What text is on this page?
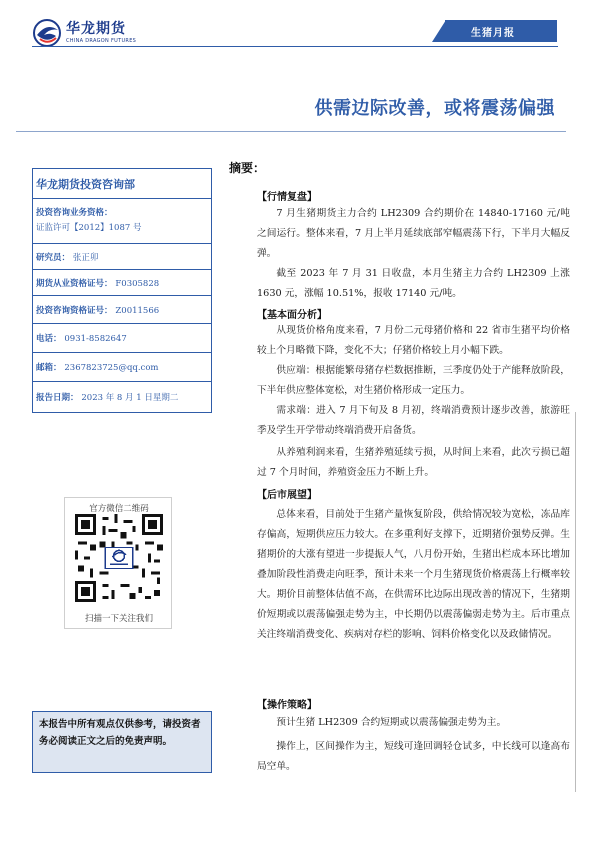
华龙期货
CHINA DRAGON FUTURES
生猪月报
供需边际改善，或将震荡偏强
华龙期货投资咨询部
投资咨询业务资格：
证监许可【2012】1087 号
研究员： 张正卯
期货从业资格证号： F0305828
投资咨询资格证号： Z0011566
电话： 0931-8582647
邮箱： 2367823725@qq.com
报告日期： 2023 年 8 月 1 日星期二
官方微信二维码
扫描一下关注我们
本报告中所有观点仅供参考，请投资者务必阅读正文之后的免责声明。
摘要：
【行情复盘】
7 月生猪期货主力合约 LH2309 合约期价在 14840-17160 元/吨之间运行。整体来看，7 月上半月延续底部窄幅震荡下行，下半月大幅反弹。
截至 2023 年 7 月 31 日收盘，本月生猪主力合约 LH2309 上涨 1630 元，涨幅 10.51%，报收 17140 元/吨。
【基本面分析】
从现货价格角度来看，7 月份二元母猪价格和 22 省市生猪平均价格较上个月略微下降，变化不大；仔猪价格较上月小幅下跌。
供应端：根据能繁母猪存栏数据推断，三季度仍处于产能释放阶段，下半年供应整体宽松，对生猪价格形成一定压力。
需求端：进入 7 月下旬及 8 月初，终端消费预计逐步改善，旅游旺季及学生开学带动终端消费开启备货。
从养殖利润来看，生猪养殖延续亏损，从时间上来看，此次亏损已超过 7 个月时间，养殖资金压力不断上升。
【后市展望】
总体来看，目前处于生猪产量恢复阶段，供给情况较为宽松，冻品库存偏高，短期供应压力较大。在多重利好支撑下，近期猪价强势反弹。生猪期价的大涨有望进一步提振人气，八月份开始，生猪出栏成本环比增加叠加阶段性消费走向旺季，预计未来一个月生猪现货价格震荡上行概率较大。期价目前整体估值不高，在供需环比边际出现改善的情况下，生猪期价短期或以震荡偏强走势为主，中长期仍以震荡偏弱走势为主。后市重点关注终端消费变化、疾病对存栏的影响、饲料价格变化以及政储情况。
【操作策略】
预计生猪 LH2309 合约短期或以震荡偏强走势为主。
操作上，区间操作为主，短线可逢回调轻仓试多，中长线可以逢高布局空单。
